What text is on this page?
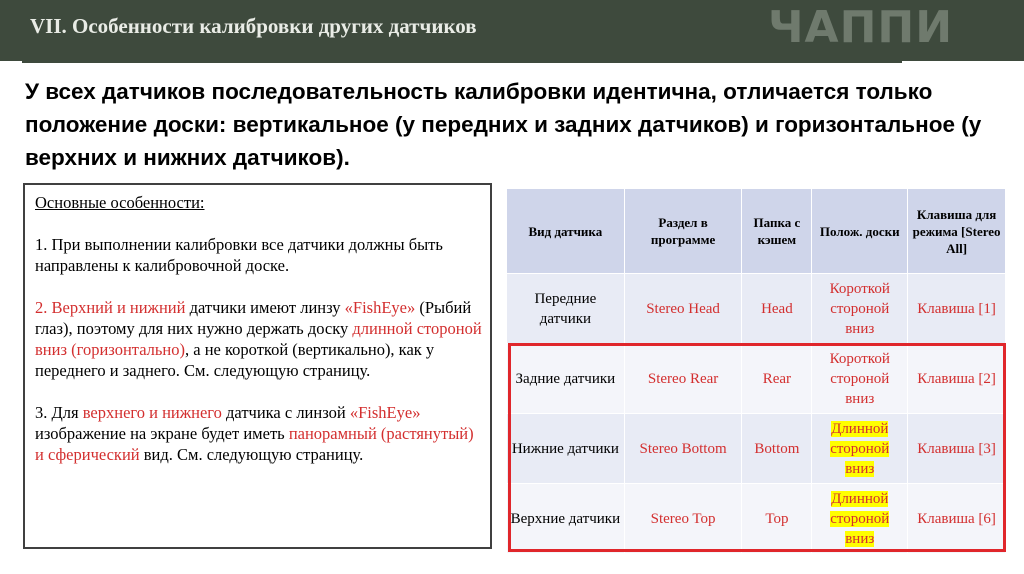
VII. Особенности калибровки других датчиков	ЧАППИ
У всех датчиков последовательность калибровки идентична, отличается только положение доски: вертикальное (у передних и задних датчиков) и горизонтальное (у верхних и нижних датчиков).
Основные особенности:

1. При выполнении калибровки все датчики должны быть направлены к калибровочной доске.

2. Верхний и нижний датчики имеют линзу «FishEye» (Рыбий глаз), поэтому для них нужно держать доску длинной стороной вниз (горизонтально), а не короткой (вертикально), как у переднего и заднего. См. следующую страницу.

3. Для верхнего и нижнего датчика с линзой «FishEye» изображение на экране будет иметь панорамный (растянутый) и сферический вид. См. следующую страницу.

Вид датчика	Раздел в программе	Папка с кэшем	Полож. доски	Клавиша для режима [Stereo All]
Передние датчики	Stereo Head	Head	Короткой стороной вниз	Клавиша [1]
Задние датчики	Stereo Rear	Rear	Короткой стороной вниз	Клавиша [2]
Нижние датчики	Stereo Bottom	Bottom	Длинной стороной вниз	Клавиша [3]
Верхние датчики	Stereo Top	Top	Длинной стороной вниз	Клавиша [6]
